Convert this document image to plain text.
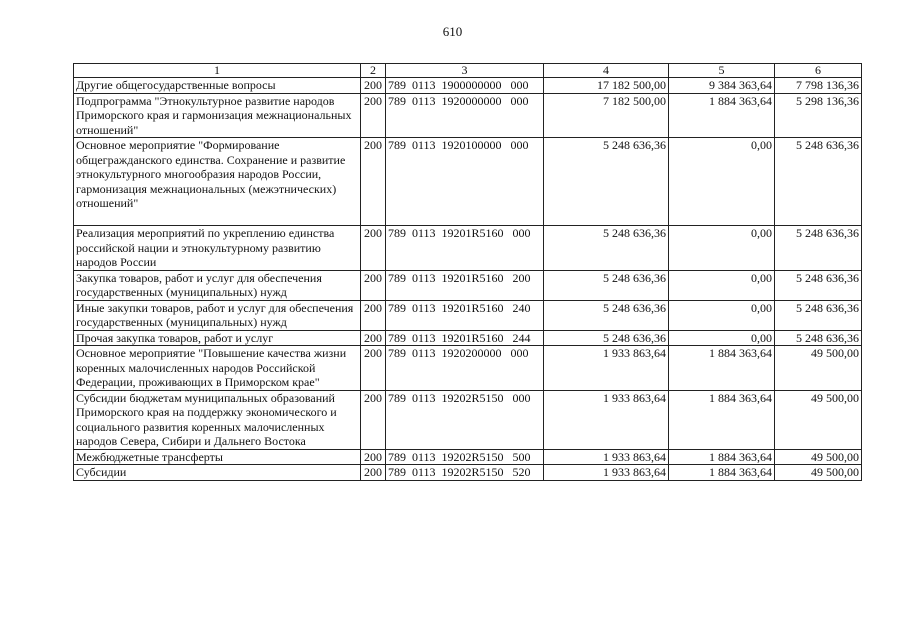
610
1	2	3	4	5	6
Другие общегосударственные вопросы	200	789  0113  1900000000   000	17 182 500,00	9 384 363,64	7 798 136,36
Подпрограмма "Этнокультурное развитие народов Приморского края и гармонизация межнациональных отношений"	200	789  0113  1920000000   000	7 182 500,00	1 884 363,64	5 298 136,36
Основное мероприятие "Формирование общегражданского единства. Сохранение и развитие этнокультурного многообразия народов России, гармонизация межнациональных (межэтнических) отношений"	200	789  0113  1920100000   000	5 248 636,36	0,00	5 248 636,36
Реализация мероприятий по укреплению единства российской нации и этнокультурному развитию народов России	200	789  0113  19201R5160   000	5 248 636,36	0,00	5 248 636,36
Закупка товаров, работ и услуг для обеспечения государственных (муниципальных) нужд	200	789  0113  19201R5160   200	5 248 636,36	0,00	5 248 636,36
Иные закупки товаров, работ и услуг для обеспечения государственных (муниципальных) нужд	200	789  0113  19201R5160   240	5 248 636,36	0,00	5 248 636,36
Прочая закупка товаров, работ и услуг	200	789  0113  19201R5160   244	5 248 636,36	0,00	5 248 636,36
Основное мероприятие "Повышение качества жизни коренных малочисленных народов Российской Федерации, проживающих в Приморском крае"	200	789  0113  1920200000   000	1 933 863,64	1 884 363,64	49 500,00
Субсидии бюджетам муниципальных образований Приморского края на поддержку экономического и социального развития коренных малочисленных народов Севера, Сибири и Дальнего Востока	200	789  0113  19202R5150   000	1 933 863,64	1 884 363,64	49 500,00
Межбюджетные трансферты	200	789  0113  19202R5150   500	1 933 863,64	1 884 363,64	49 500,00
Субсидии	200	789  0113  19202R5150   520	1 933 863,64	1 884 363,64	49 500,00
